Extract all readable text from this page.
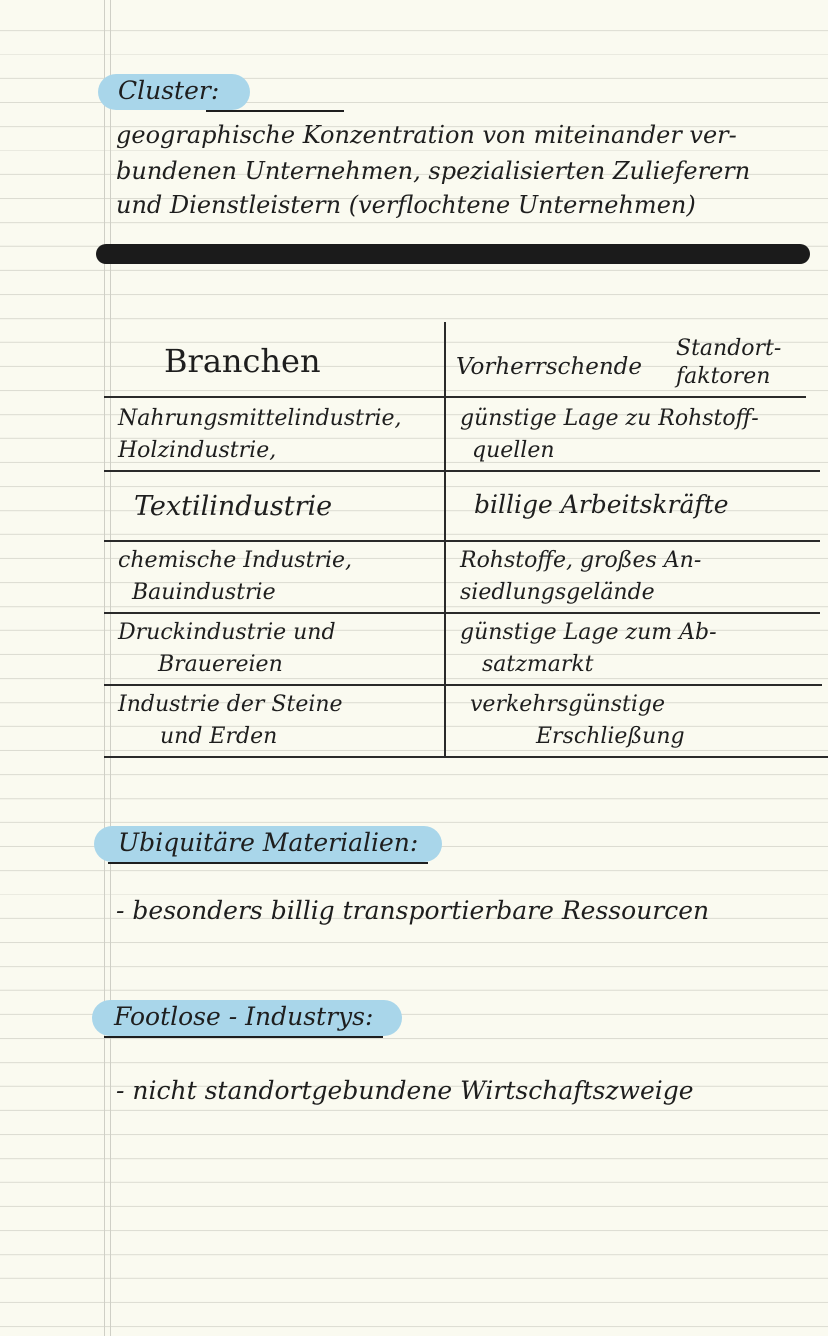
Cluster:
geographische Konzentration von miteinander ver-
bundenen Unternehmen, spezialisierten Zulieferern
und Dienstleistern (verflochtene Unternehmen)
Branchen	Vorherrschende
Standort-
faktoren
Nahrungsmittelindustrie,
Holzindustrie,
günstige Lage zu Rohstoff-
quellen
Textilindustrie	billige Arbeitskräfte
chemische Industrie,
Bauindustrie
Rohstoffe, großes An-
siedlungsgelände
Druckindustrie und
Brauereien
günstige Lage zum Ab-
satzmarkt
Industrie der Steine
und Erden
verkehrsgünstige
Erschließung
Ubiquitäre Materialien:
- besonders billig transportierbare Ressourcen
Footlose - Industrys:
- nicht standortgebundene Wirtschaftszweige
